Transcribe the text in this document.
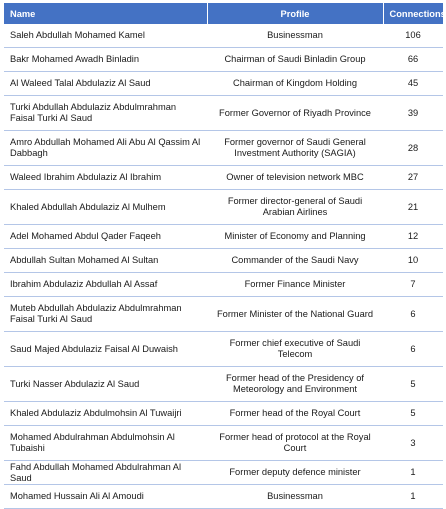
Name	Profile	Connections
Saleh Abdullah Mohamed Kamel	Businessman	106
Bakr Mohamed Awadh Binladin	Chairman of Saudi Binladin Group	66
Al Waleed Talal Abdulaziz Al Saud	Chairman of Kingdom Holding	45
Turki Abdullah Abdulaziz Abdulmrahman Faisal Turki Al Saud	Former Governor of Riyadh Province	39
Amro Abdullah Mohamed Ali Abu Al Qassim Al Dabbagh	Former governor of Saudi General Investment Authority (SAGIA)	28
Waleed Ibrahim Abdulaziz Al Ibrahim	Owner of television network MBC	27
Khaled Abdullah Abdulaziz Al Mulhem	Former director-general of Saudi Arabian Airlines	21
Adel Mohamed Abdul Qader Faqeeh	Minister of Economy and Planning	12
Abdullah Sultan Mohamed Al Sultan	Commander of the Saudi Navy	10
Ibrahim Abdulaziz Abdullah Al Assaf	Former Finance Minister	7
Muteb Abdullah Abdulaziz Abdulmrahman Faisal Turki Al Saud	Former Minister of the National Guard	6
Saud Majed Abdulaziz Faisal Al Duwaish	Former chief executive of Saudi Telecom	6
Turki Nasser Abdulaziz Al Saud	Former head of the Presidency of Meteorology and Environment	5
Khaled Abdulaziz Abdulmohsin Al Tuwaijri	Former head of the Royal Court	5
Mohamed Abdulrahman Abdulmohsin Al Tubaishi	Former head of protocol at the Royal Court	3
Fahd Abdullah Mohamed Abdulrahman Al Saud	Former deputy defence minister	1
Mohamed Hussain Ali Al Amoudi	Businessman	1
